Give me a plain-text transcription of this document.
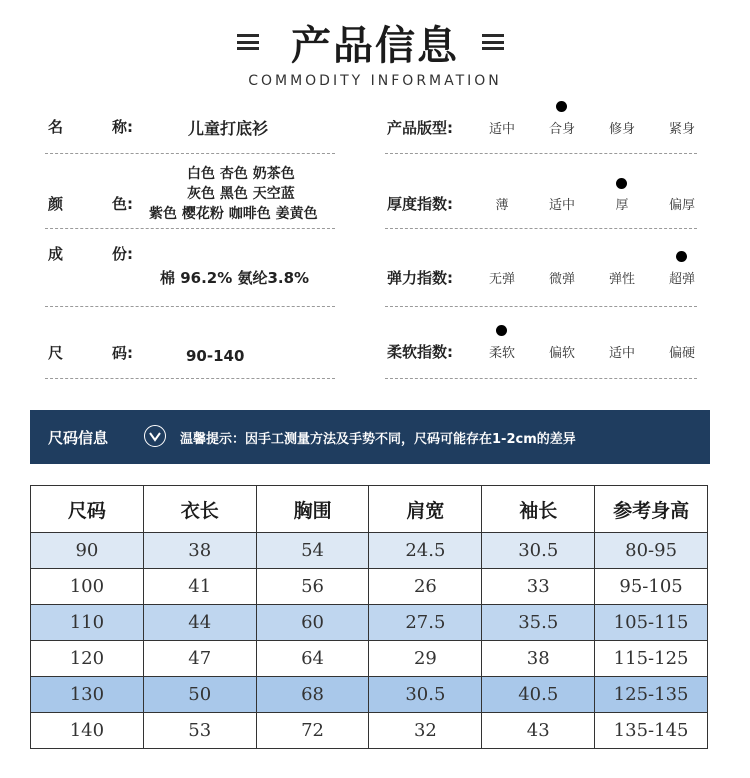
产品信息
COMMODITY INFORMATION
名	称:	儿童打底衫
颜	色:
白色 杏色 奶茶色
灰色 黑色 天空蓝
紫色 樱花粉 咖啡色 姜黄色
成	份:
棉 96.2% 氨纶3.8%
尺	码:	90-140
产品版型:	适中	合身	修身	紧身
厚度指数:	薄	适中	厚	偏厚
弹力指数:	无弹	微弹	弹性	超弹
柔软指数:	柔软	偏软	适中	偏硬
尺码信息	温馨提示：因手工测量方法及手势不同，尺码可能存在1-2cm的差异
尺码	衣长	胸围	肩宽	袖长	参考身高
90	38	54	24.5	30.5	80-95
100	41	56	26	33	95-105
110	44	60	27.5	35.5	105-115
120	47	64	29	38	115-125
130	50	68	30.5	40.5	125-135
140	53	72	32	43	135-145
